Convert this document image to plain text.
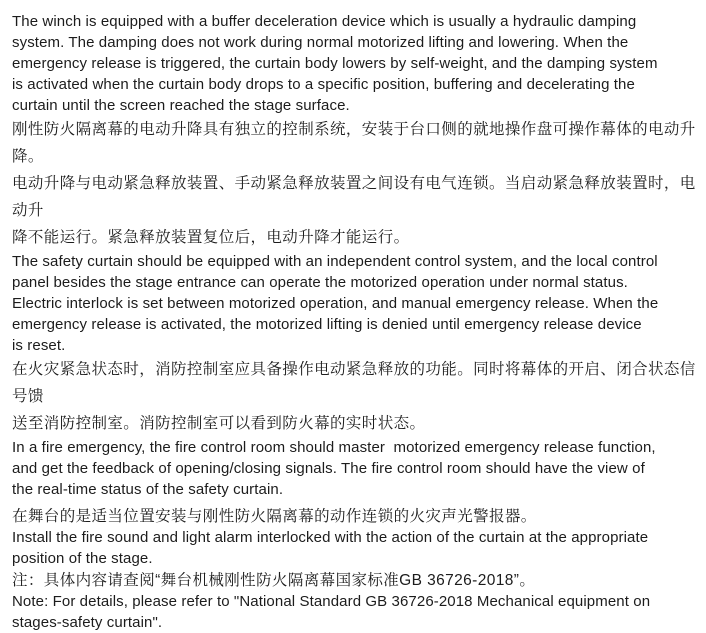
The winch is equipped with a buffer deceleration device which is usually a hydraulic damping
system. The damping does not work during normal motorized lifting and lowering. When the
emergency release is triggered, the curtain body lowers by self-weight, and the damping system
is activated when the curtain body drops to a specific position, buffering and decelerating the
curtain until the screen reached the stage surface.
刚性防火隔离幕的电动升降具有独立的控制系统，安装于台口侧的就地操作盘可操作幕体的电动升降。
电动升降与电动紧急释放装置、手动紧急释放装置之间设有电气连锁。当启动紧急释放装置时，电动升
降不能运行。紧急释放装置复位后，电动升降才能运行。
The safety curtain should be equipped with an independent control system, and the local control
panel besides the stage entrance can operate the motorized operation under normal status.
Electric interlock is set between motorized operation, and manual emergency release. When the
emergency release is activated, the motorized lifting is denied until emergency release device
is reset.
在火灾紧急状态时，消防控制室应具备操作电动紧急释放的功能。同时将幕体的开启、闭合状态信号馈
送至消防控制室。消防控制室可以看到防火幕的实时状态。
In a fire emergency, the fire control room should master  motorized emergency release function,
and get the feedback of opening/closing signals. The fire control room should have the view of
the real-time status of the safety curtain.
在舞台的是适当位置安装与刚性防火隔离幕的动作连锁的火灾声光警报器。
Install the fire sound and light alarm interlocked with the action of the curtain at the appropriate
position of the stage.
注：具体内容请查阅“舞台机械刚性防火隔离幕国家标准GB 36726-2018”。
Note: For details, please refer to "National Standard GB 36726-2018 Mechanical equipment on
stages-safety curtain".
